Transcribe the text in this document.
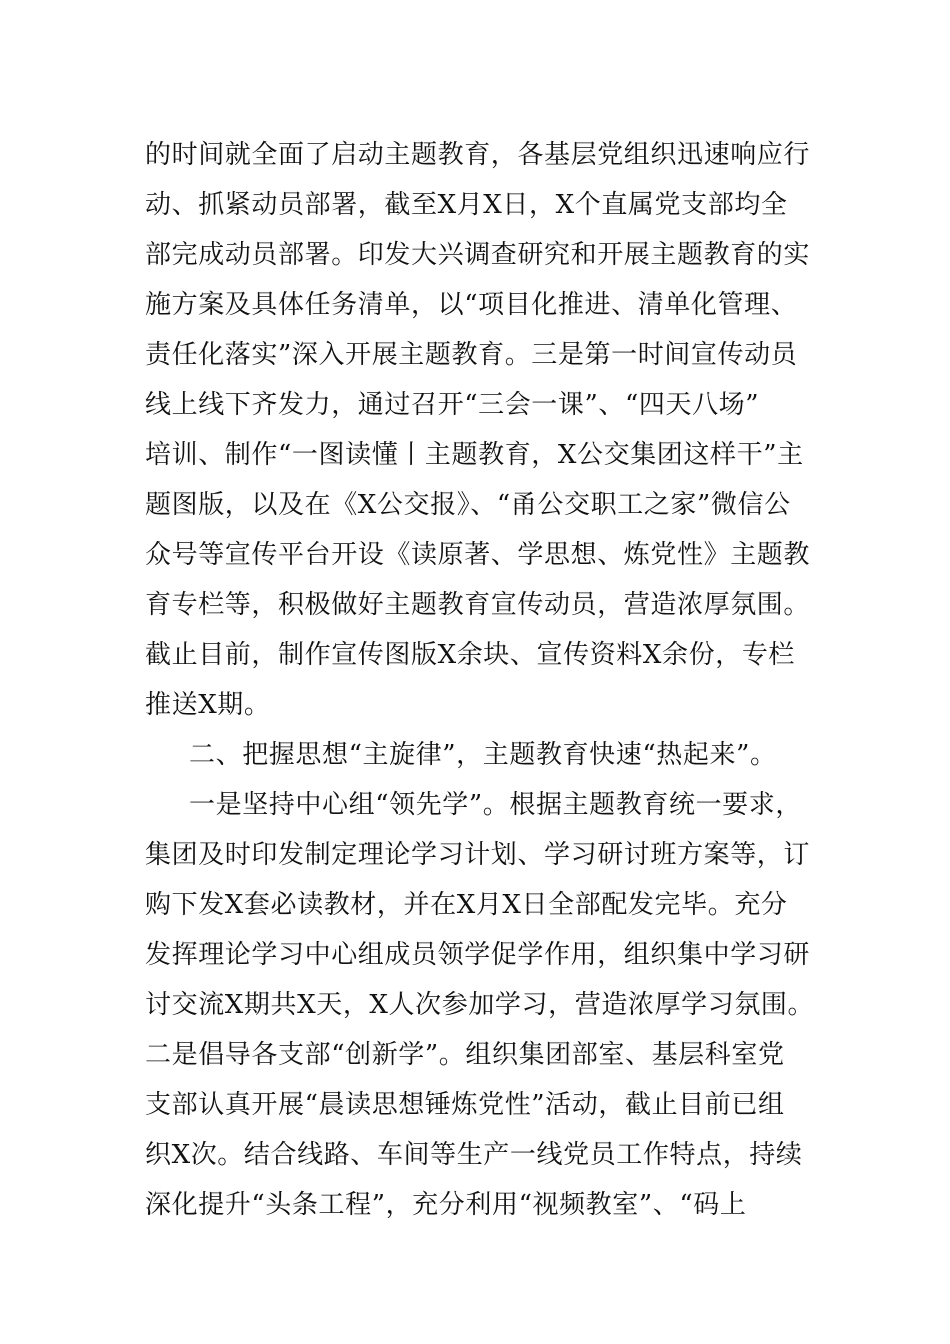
的时间就全面了启动主题教育，各基层党组织迅速响应行
动、抓紧动员部署，截至X月X日，X个直属党支部均全
部完成动员部署。印发大兴调查研究和开展主题教育的实
施方案及具体任务清单，以“项目化推进、清单化管理、
责任化落实”深入开展主题教育。三是第一时间宣传动员
线上线下齐发力，通过召开“三会一课”、“四天八场”
培训、制作“一图读懂丨主题教育，X公交集团这样干”主
题图版，以及在《X公交报》、“甬公交职工之家”微信公
众号等宣传平台开设《读原著、学思想、炼党性》主题教
育专栏等，积极做好主题教育宣传动员，营造浓厚氛围。
截止目前，制作宣传图版X余块、宣传资料X余份，专栏
推送X期。
二、把握思想“主旋律”，主题教育快速“热起来”。
一是坚持中心组“领先学”。根据主题教育统一要求，
集团及时印发制定理论学习计划、学习研讨班方案等，订
购下发X套必读教材，并在X月X日全部配发完毕。充分
发挥理论学习中心组成员领学促学作用，组织集中学习研
讨交流X期共X天，X人次参加学习，营造浓厚学习氛围。
二是倡导各支部“创新学”。组织集团部室、基层科室党
支部认真开展“晨读思想锤炼党性”活动，截止目前已组
织X次。结合线路、车间等生产一线党员工作特点，持续
深化提升“头条工程”，充分利用“视频教室”、“码上
